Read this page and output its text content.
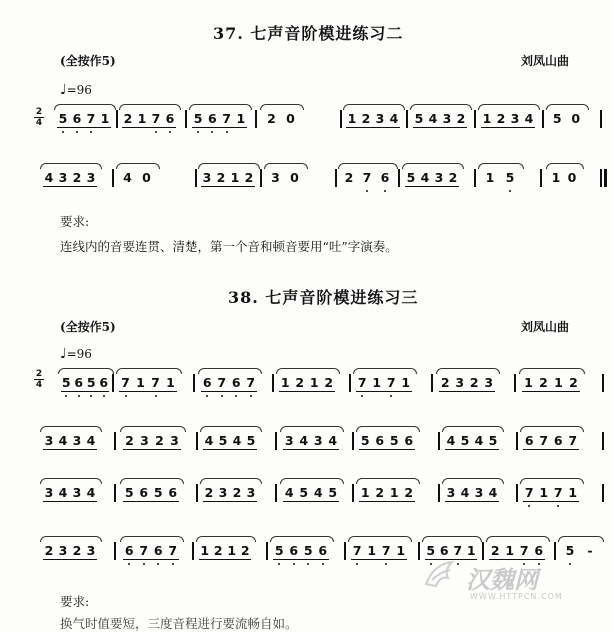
37. 七声音阶模进练习二
(全按作5)	刘凤山曲
♩=96
2
4 5 6 7 1 2 1 7 6 5 6 7 1 2 0	1 2 3 4 5 4 3 2 1 2 3 4 5 0
4 3 2 3 4 0	3 2 1 2 3 0	2 7 6 5 4 3 2 1 5	1 0
要求:
连线内的音要连贯、清楚，第一个音和顿音要用“吐”字演奏。
38. 七声音阶模进练习三
(全按作5)	刘凤山曲
♩=96
2
4 5 6 5 6 7 1 7 1 6 7 6 7 1 2 1 2 7 1 7 1 2 3 2 3 1 2 1 2
3 4 3 4 2 3 2 3 4 5 4 5 3 4 3 4 5 6 5 6	4 5 4 5 6 7 6 7
3 4 3 4 5 6 5 6 2 3 2 3 4 5 4 5 1 2 1 2	3 4 3 4 7 1 7 1
2 3 2 3 6 7 6 7 1 2 1 2 5 6 5 6 7 1 7 1 5 6 7 1 2 1 7 6 5 -
要求:
换气时值要短，三度音程进行要流畅自如。
汉魏网
WWW.HTTPCN.COM
